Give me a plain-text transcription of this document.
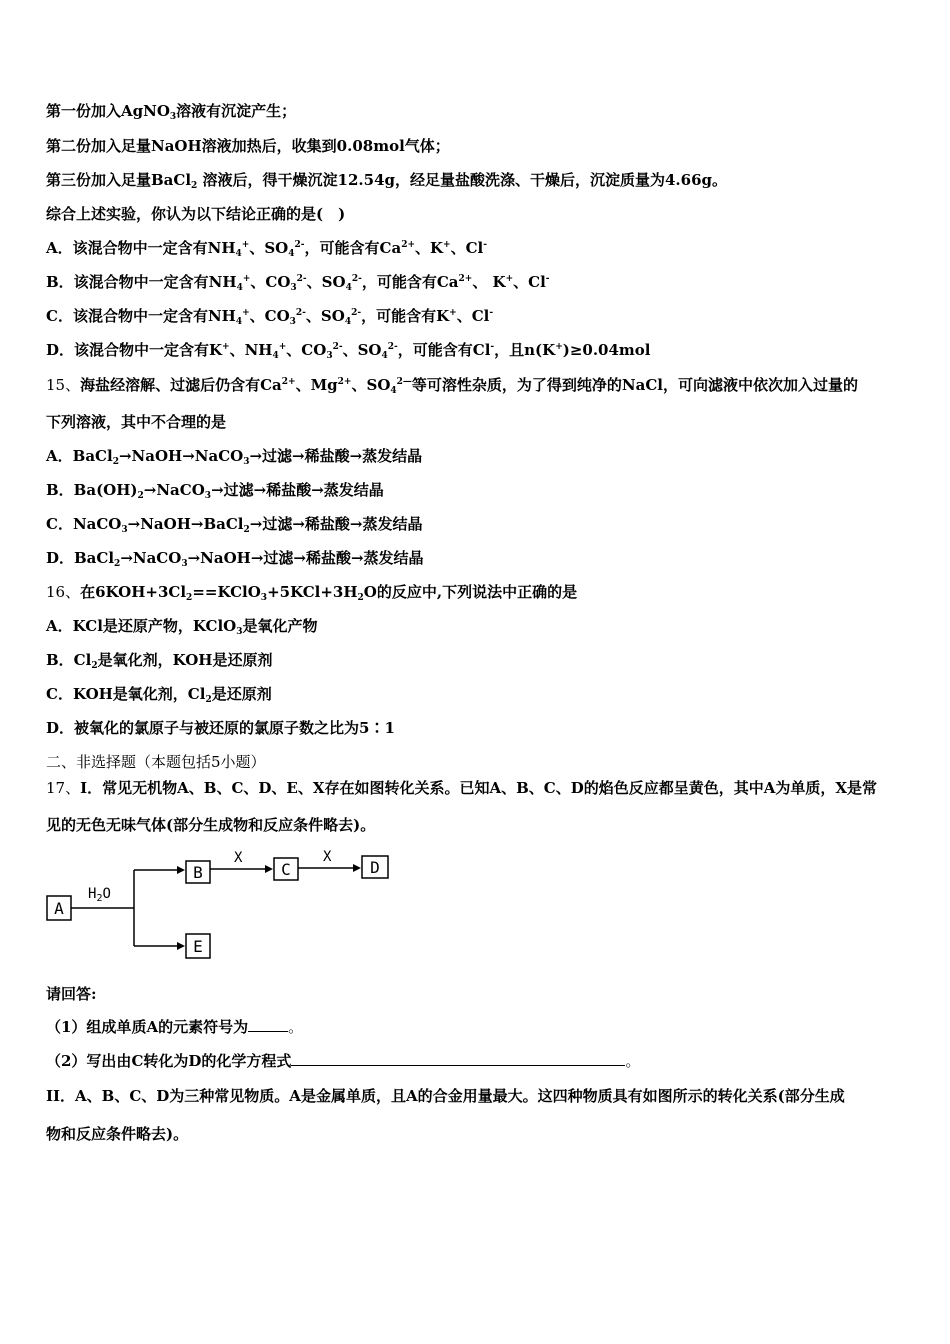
第一份加入AgNO$_3$溶液有沉淀产生；
第二份加入足量NaOH溶液加热后，收集到0.08mol气体；
第三份加入足量BaCl$_2$ 溶液后，得干燥沉淀12.54g，经足量盐酸洗涤、干燥后，沉淀质量为4.66g。
综合上述实验，你认为以下结论正确的是(　)
A．该混合物中一定含有$NH_4^+$、$SO_4^{2-}$，可能含有$Ca^{2+}$、K+、Cl-
B．该混合物中一定含有$NH_4^+$、$CO_3^{2-}$、$SO_4^{2-}$，可能含有$Ca^{2+}$、 K+、Cl-
C．该混合物中一定含有$NH_4^+$、$CO_3^{2-}$、$SO_4^{2-}$，可能含有K+、Cl-
D．该混合物中一定含有K+、$NH_4^+$、$CO_3^{2-}$、$SO_4^{2-}$，可能含有Cl-，且n(K+)≥0.04mol
15、海盐经溶解、过滤后仍含有$Ca^{2+}$、$Mg^{2+}$、$SO_4^{2—}$等可溶性杂质，为了得到纯净的NaCl，可向滤液中依次加入过量的
下列溶液，其中不合理的是
A．BaCl$_2$→NaOH→NaCO$_3$→过滤→稀盐酸→蒸发结晶
B．$Ba(OH)_2\to NaCO_3\to$过滤→稀盐酸→蒸发结晶
C．NaCO$_3$→NaOH→BaCl$_2$→过滤→稀盐酸→蒸发结晶
D．BaCl$_2$→NaCO$_3$→NaOH→过滤→稀盐酸→蒸发结晶
16、在$6KOH+3Cl_2==KClO_3+5KCl+3H_2O$的反应中,下列说法中正确的是
A．KCl是还原产物，KClO$_3$是氧化产物
B．$Cl_2$是氧化剂，KOH是还原剂
C．KOH是氧化剂，$Cl_2$是还原剂
D．被氧化的氯原子与被还原的氯原子数之比为5∶1
二、非选择题（本题包括5小题）
17、I．常见无机物A、B、C、D、E、X存在如图转化关系。已知A、B、C、D的焰色反应都呈黄色，其中A为单质，X是常
见的无色无味气体(部分生成物和反应条件略去)。
A
B	C	D
E
$H_2O$
X	X
请回答:
（1）组成单质A的元素符号为	。
（2）写出由C转化为D的化学方程式	。
II．A、B、C、D为三种常见物质。A是金属单质，且A的合金用量最大。这四种物质具有如图所示的转化关系(部分生成
物和反应条件略去)。
